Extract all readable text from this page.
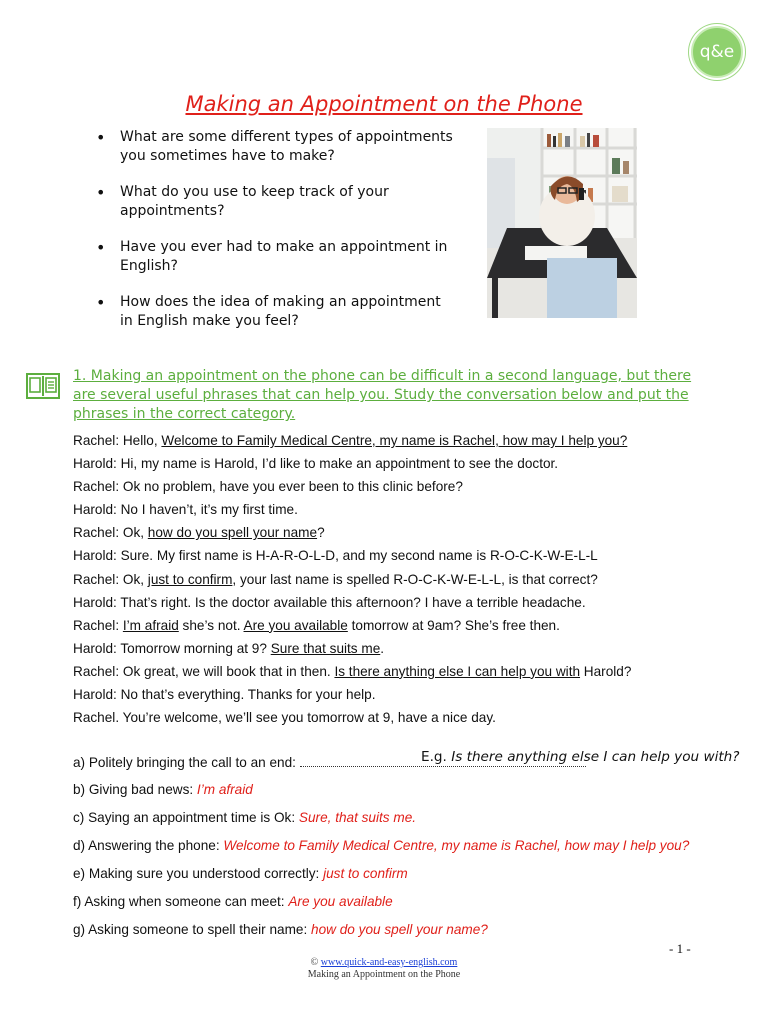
q&e
Making an Appointment on the Phone
• What are some different types of appointments you sometimes have to make?
• What do you use to keep track of your appointments?
• Have you ever had to make an appointment in English?
• How does the idea of making an appointment in English make you feel?
1. Making an appointment on the phone can be difficult in a second language, but there are several useful phrases that can help you. Study the conversation below and put the phrases in the correct category.
Rachel: Hello, Welcome to Family Medical Centre, my name is Rachel, how may I help you?
Harold: Hi, my name is Harold, I’d like to make an appointment to see the doctor.
Rachel: Ok no problem, have you ever been to this clinic before?
Harold: No I haven’t, it’s my first time.
Rachel: Ok, how do you spell your name?
Harold: Sure. My first name is H-A-R-O-L-D, and my second name is R-O-C-K-W-E-L-L
Rachel: Ok, just to confirm, your last name is spelled R-O-C-K-W-E-L-L, is that correct?
Harold: That’s right. Is the doctor available this afternoon? I have a terrible headache.
Rachel: I’m afraid she’s not. Are you available tomorrow at 9am? She’s free then.
Harold: Tomorrow morning at 9? Sure that suits me.
Rachel: Ok great, we will book that in then. Is there anything else I can help you with Harold?
Harold: No that’s everything. Thanks for your help.
Rachel. You’re welcome, we’ll see you tomorrow at 9, have a nice day.
a) Politely bringing the call to an end:	E.g. Is there anything else I can help you with?
b) Giving bad news: I’m afraid
c) Saying an appointment time is Ok: Sure, that suits me.
d) Answering the phone: Welcome to Family Medical Centre, my name is Rachel, how may I help you?
e) Making sure you understood correctly: just to confirm
f) Asking when someone can meet: Are you available
g) Asking someone to spell their name: how do you spell your name?
- 1 -
© www.quick-and-easy-english.com
Making an Appointment on the Phone
